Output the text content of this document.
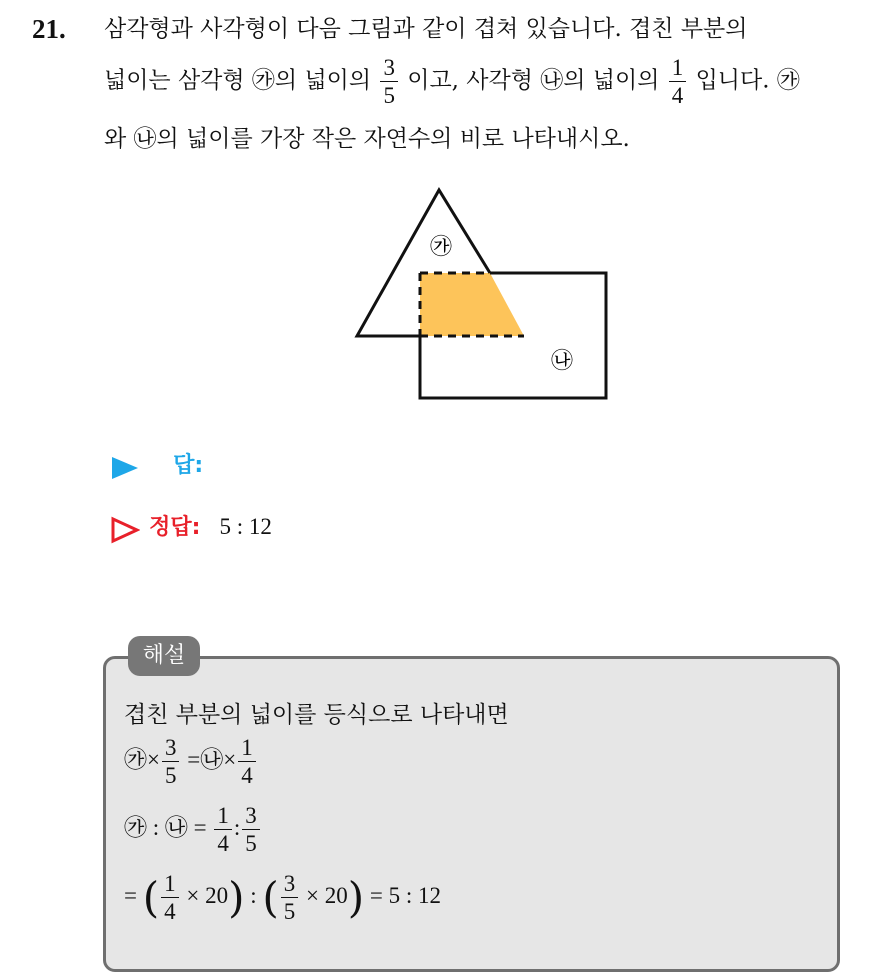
21. 삼각형과 사각형이 다음 그림과 같이 겹쳐 있습니다. 겹친 부분의
넓이는 삼각형 ㉮의 넓이의 $\frac{3}{5}$ 이고, 사각형 ㉯의 넓이의 $\frac{1}{4}$ 입니다. ㉮
와 ㉯의 넓이를 가장 작은 자연수의 비로 나타내시오.
㉮
㉯
답:
정답: 5 : 12
해설
겹친 부분의 넓이를 등식으로 나타내면
㉮× $\frac{3}{5}$ =㉯× $\frac{1}{4}$
㉮ : ㉯ = $\frac{1}{4}$ : $\frac{3}{5}$
= ( $\frac{1}{4} \times 20$) : ( $\frac{3}{5} \times 20) = 5$ : 12
